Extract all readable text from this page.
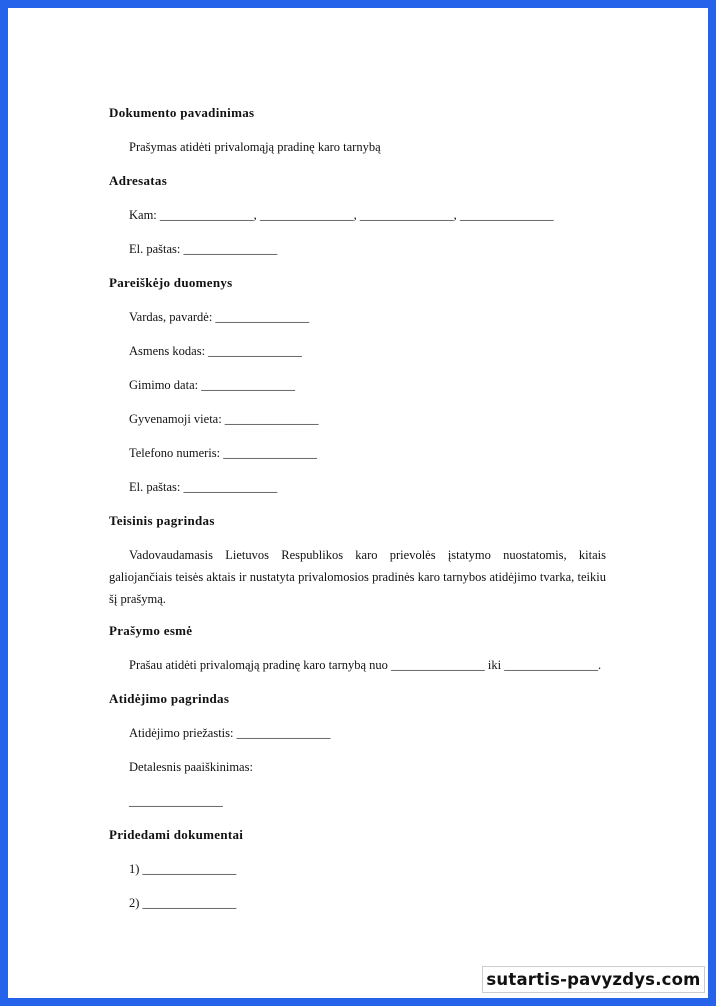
Dokumento pavadinimas
Prašymas atidėti privalomąją pradinę karo tarnybą
Adresatas
Kam: _______________, _______________, _______________, _______________
El. paštas: _______________
Pareiškėjo duomenys
Vardas, pavardė: _______________
Asmens kodas: _______________
Gimimo data: _______________
Gyvenamoji vieta: _______________
Telefono numeris: _______________
El. paštas: _______________
Teisinis pagrindas
Vadovaudamasis Lietuvos Respublikos karo prievolės įstatymo nuostatomis, kitais galiojančiais teisės aktais ir nustatyta privalomosios pradinės karo tarnybos atidėjimo tvarka, teikiu šį prašymą.
Prašymo esmė
Prašau atidėti privalomąją pradinę karo tarnybą nuo _______________ iki _______________.
Atidėjimo pagrindas
Atidėjimo priežastis: _______________
Detalesnis paaiškinimas:
_______________
Pridedami dokumentai
1) _______________
2) _______________
sutartis-pavyzdys.com
